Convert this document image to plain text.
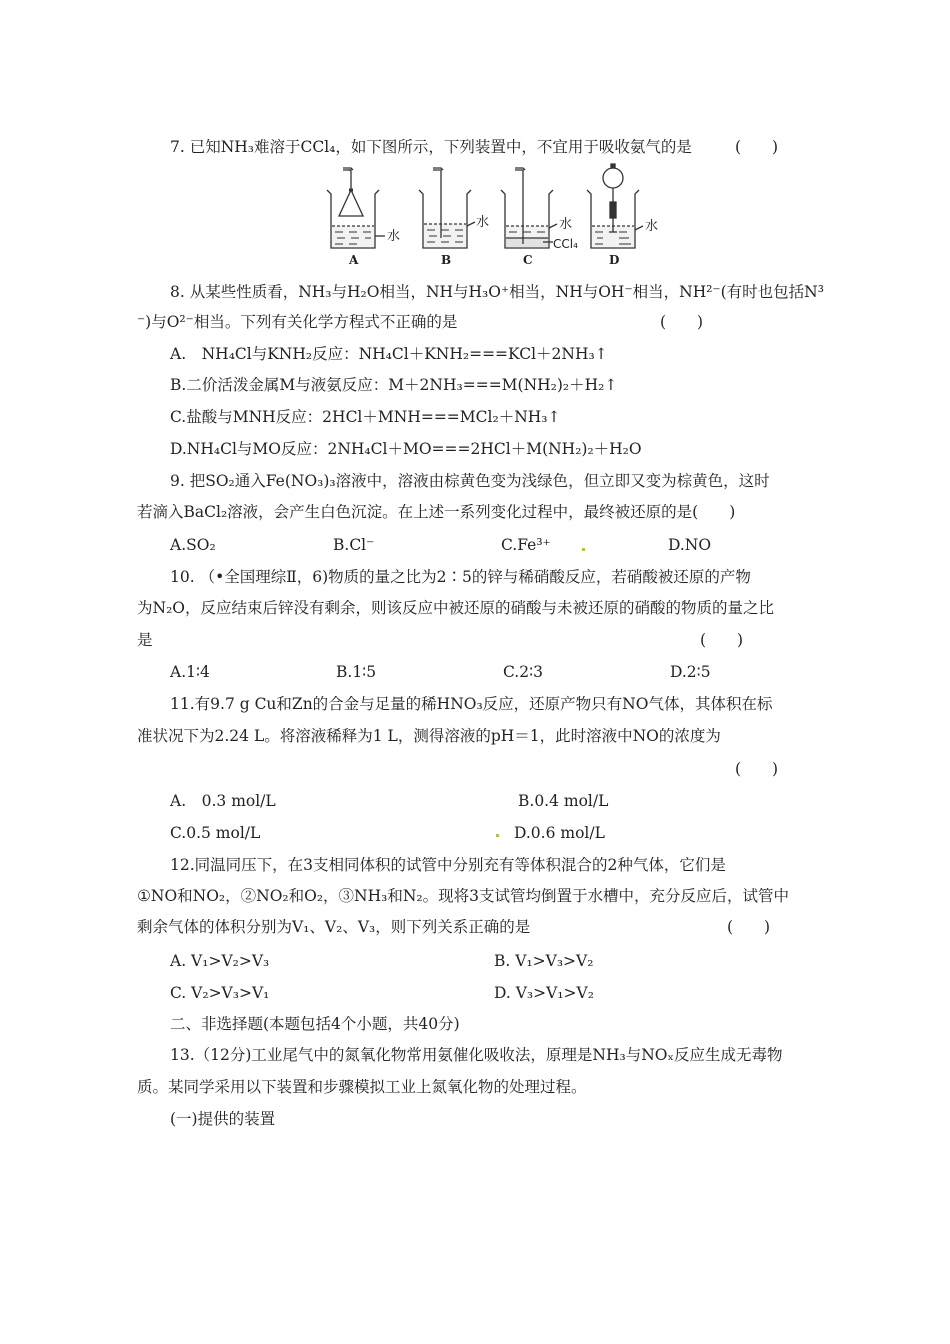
7. 已知NH₃难溶于CCl₄，如下图所示，下列装置中，不宜用于吸收氨气的是	(　　)
水
水	水
CCl₄
水
A	B	C	D
8. 从某些性质看，NH₃与H₂O相当，NH与H₃O⁺相当，NH与OH⁻相当，NH²⁻(有时也包括N³
⁻)与O²⁻相当。下列有关化学方程式不正确的是	(　　)
A.　NH₄Cl与KNH₂反应：NH₄Cl＋KNH₂===KCl＋2NH₃↑
B.二价活泼金属M与液氨反应：M＋2NH₃===M(NH₂)₂＋H₂↑
C.盐酸与MNH反应：2HCl＋MNH===MCl₂＋NH₃↑
D.NH₄Cl与MO反应：2NH₄Cl＋MO===2HCl＋M(NH₂)₂＋H₂O
9. 把SO₂通入Fe(NO₃)₃溶液中，溶液由棕黄色变为浅绿色，但立即又变为棕黄色，这时
若滴入BaCl₂溶液，会产生白色沉淀。在上述一系列变化过程中，最终被还原的是(　　)
A.SO₂	B.Cl⁻	C.Fe³⁺	D.NO
10. （•全国理综Ⅱ，6)物质的量之比为2∶5的锌与稀硝酸反应，若硝酸被还原的产物
为N₂O，反应结束后锌没有剩余，则该反应中被还原的硝酸与未被还原的硝酸的物质的量之比
是	(　　)
A.1∶4	B.1∶5	C.2∶3	D.2∶5
11.有9.7 g Cu和Zn的合金与足量的稀HNO₃反应，还原产物只有NO气体，其体积在标
准状况下为2.24 L。将溶液稀释为1 L，测得溶液的pH＝1，此时溶液中NO的浓度为
(　　)
A.　0.3 mol/L	B.0.4 mol/L
C.0.5 mol/L	D.0.6 mol/L
12.同温同压下，在3支相同体积的试管中分别充有等体积混合的2种气体，它们是
①NO和NO₂，②NO₂和O₂，③NH₃和N₂。现将3支试管均倒置于水槽中，充分反应后，试管中
剩余气体的体积分别为V₁、V₂、V₃，则下列关系正确的是	(　　)
A. V₁>V₂>V₃	B. V₁>V₃>V₂
C. V₂>V₃>V₁	D. V₃>V₁>V₂
二、非选择题(本题包括4个小题，共40分)
13.（12分)工业尾气中的氮氧化物常用氨催化吸收法，原理是NH₃与NOₓ反应生成无毒物
质。某同学采用以下装置和步骤模拟工业上氮氧化物的处理过程。
(一)提供的装置
